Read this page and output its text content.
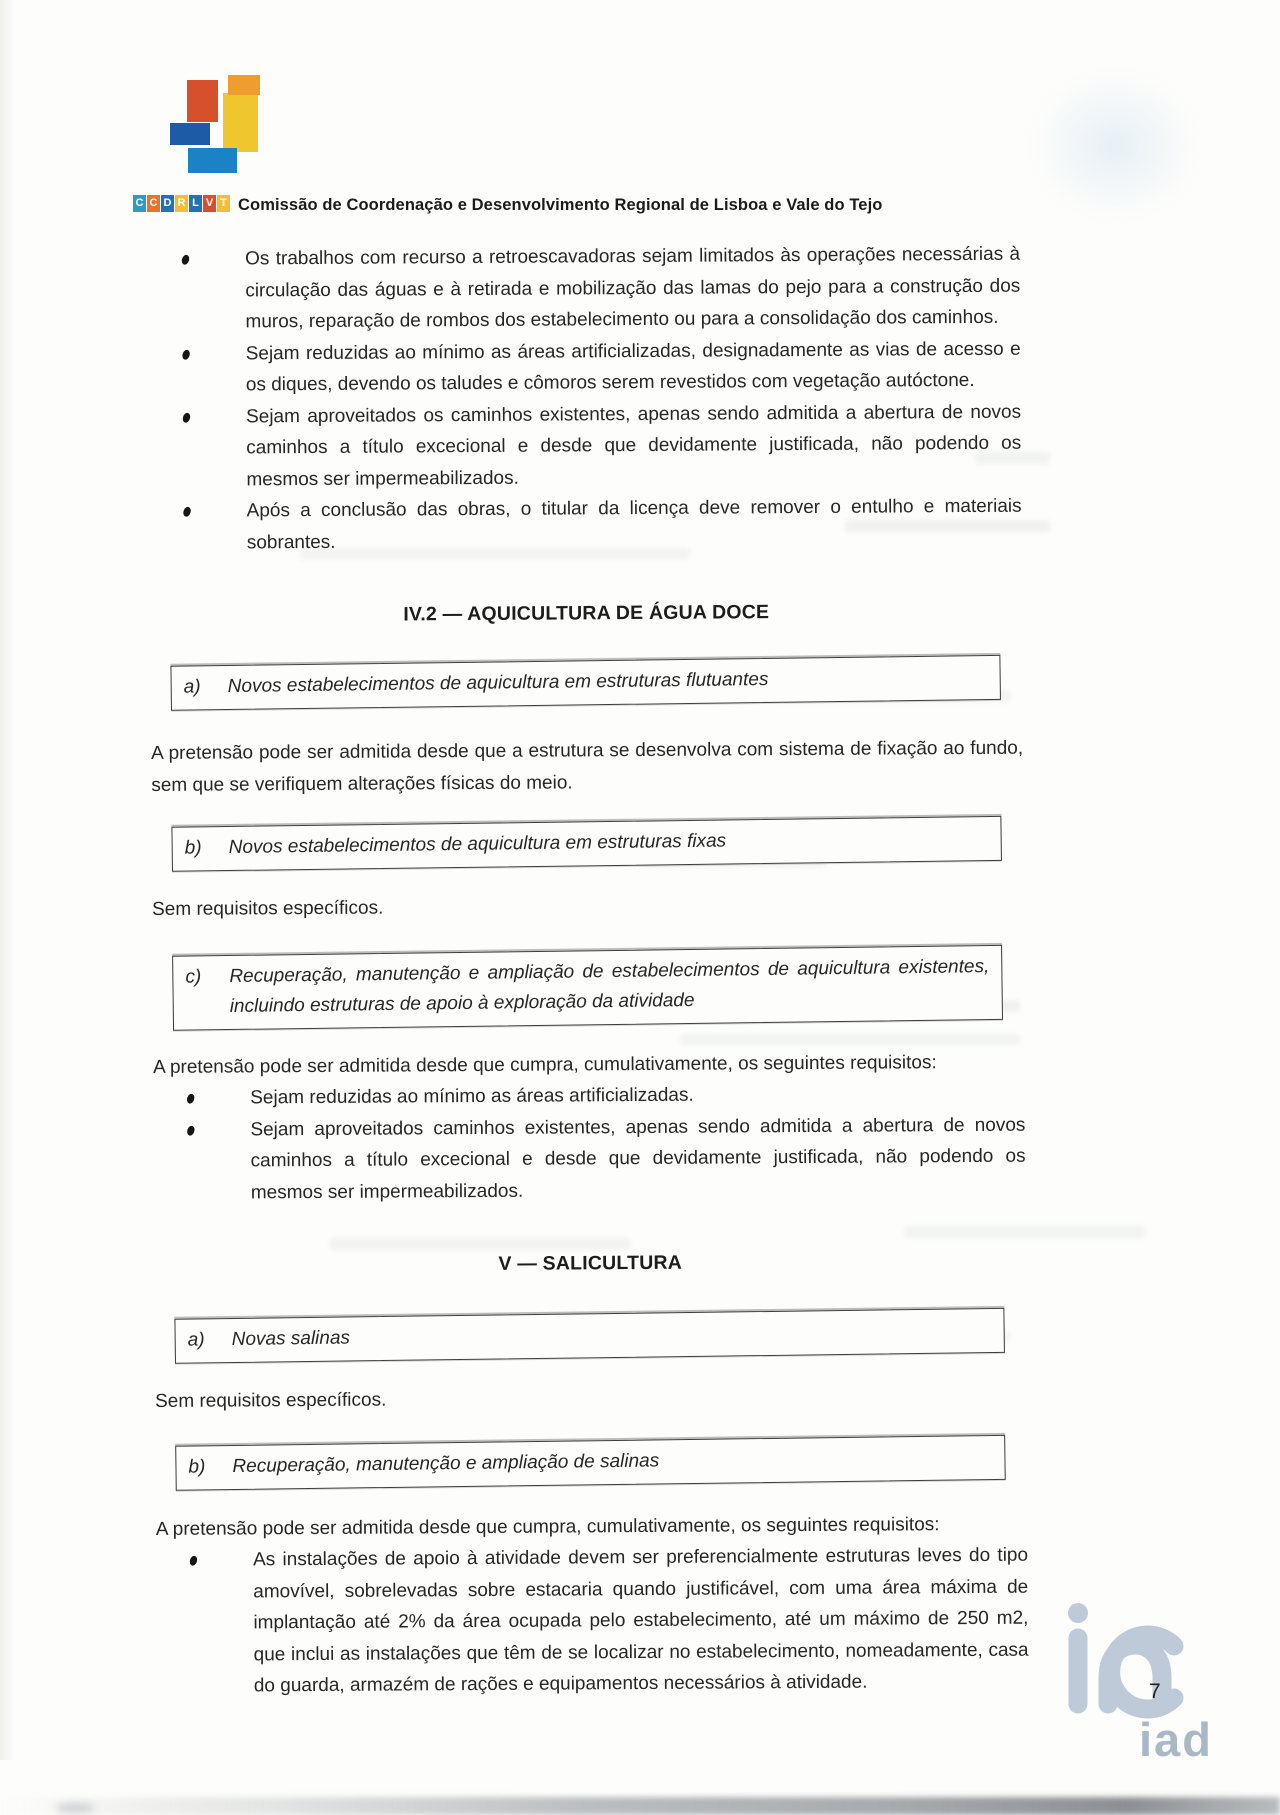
C C D R L V T Comissão de Coordenação e Desenvolvimento Regional de Lisboa e Vale do Tejo
Os trabalhos com recurso a retroescavadoras sejam limitados às operações necessárias à circulação das águas e à retirada e mobilização das lamas do pejo para a construção dos muros, reparação de rombos dos estabelecimento ou para a consolidação dos caminhos.
Sejam reduzidas ao mínimo as áreas artificializadas, designadamente as vias de acesso e os diques, devendo os taludes e cômoros serem revestidos com vegetação autóctone.
Sejam aproveitados os caminhos existentes, apenas sendo admitida a abertura de novos caminhos a título excecional e desde que devidamente justificada, não podendo os mesmos ser impermeabilizados.
Após a conclusão das obras, o titular da licença deve remover o entulho e materiais sobrantes.
IV.2 — AQUICULTURA DE ÁGUA DOCE
a)	Novos estabelecimentos de aquicultura em estruturas flutuantes

A pretensão pode ser admitida desde que a estrutura se desenvolva com sistema de fixação ao fundo, sem que se verifiquem alterações físicas do meio.

b)	Novos estabelecimentos de aquicultura em estruturas fixas

Sem requisitos específicos.

c)	Recuperação, manutenção e ampliação de estabelecimentos de aquicultura existentes, incluindo estruturas de apoio à exploração da atividade

A pretensão pode ser admitida desde que cumpra, cumulativamente, os seguintes requisitos:

Sejam reduzidas ao mínimo as áreas artificializadas.
Sejam aproveitados caminhos existentes, apenas sendo admitida a abertura de novos caminhos a título excecional e desde que devidamente justificada, não podendo os mesmos ser impermeabilizados.
V — SALICULTURA
a)	Novas salinas

Sem requisitos específicos.

b)	Recuperação, manutenção e ampliação de salinas

A pretensão pode ser admitida desde que cumpra, cumulativamente, os seguintes requisitos:

As instalações de apoio à atividade devem ser preferencialmente estruturas leves do tipo amovível, sobrelevadas sobre estacaria quando justificável, com uma área máxima de implantação até 2% da área ocupada pelo estabelecimento, até um máximo de 250 m2, que inclui as instalações que têm de se localizar no estabelecimento, nomeadamente, casa do guarda, armazém de rações e equipamentos necessários à atividade.	7
iad
